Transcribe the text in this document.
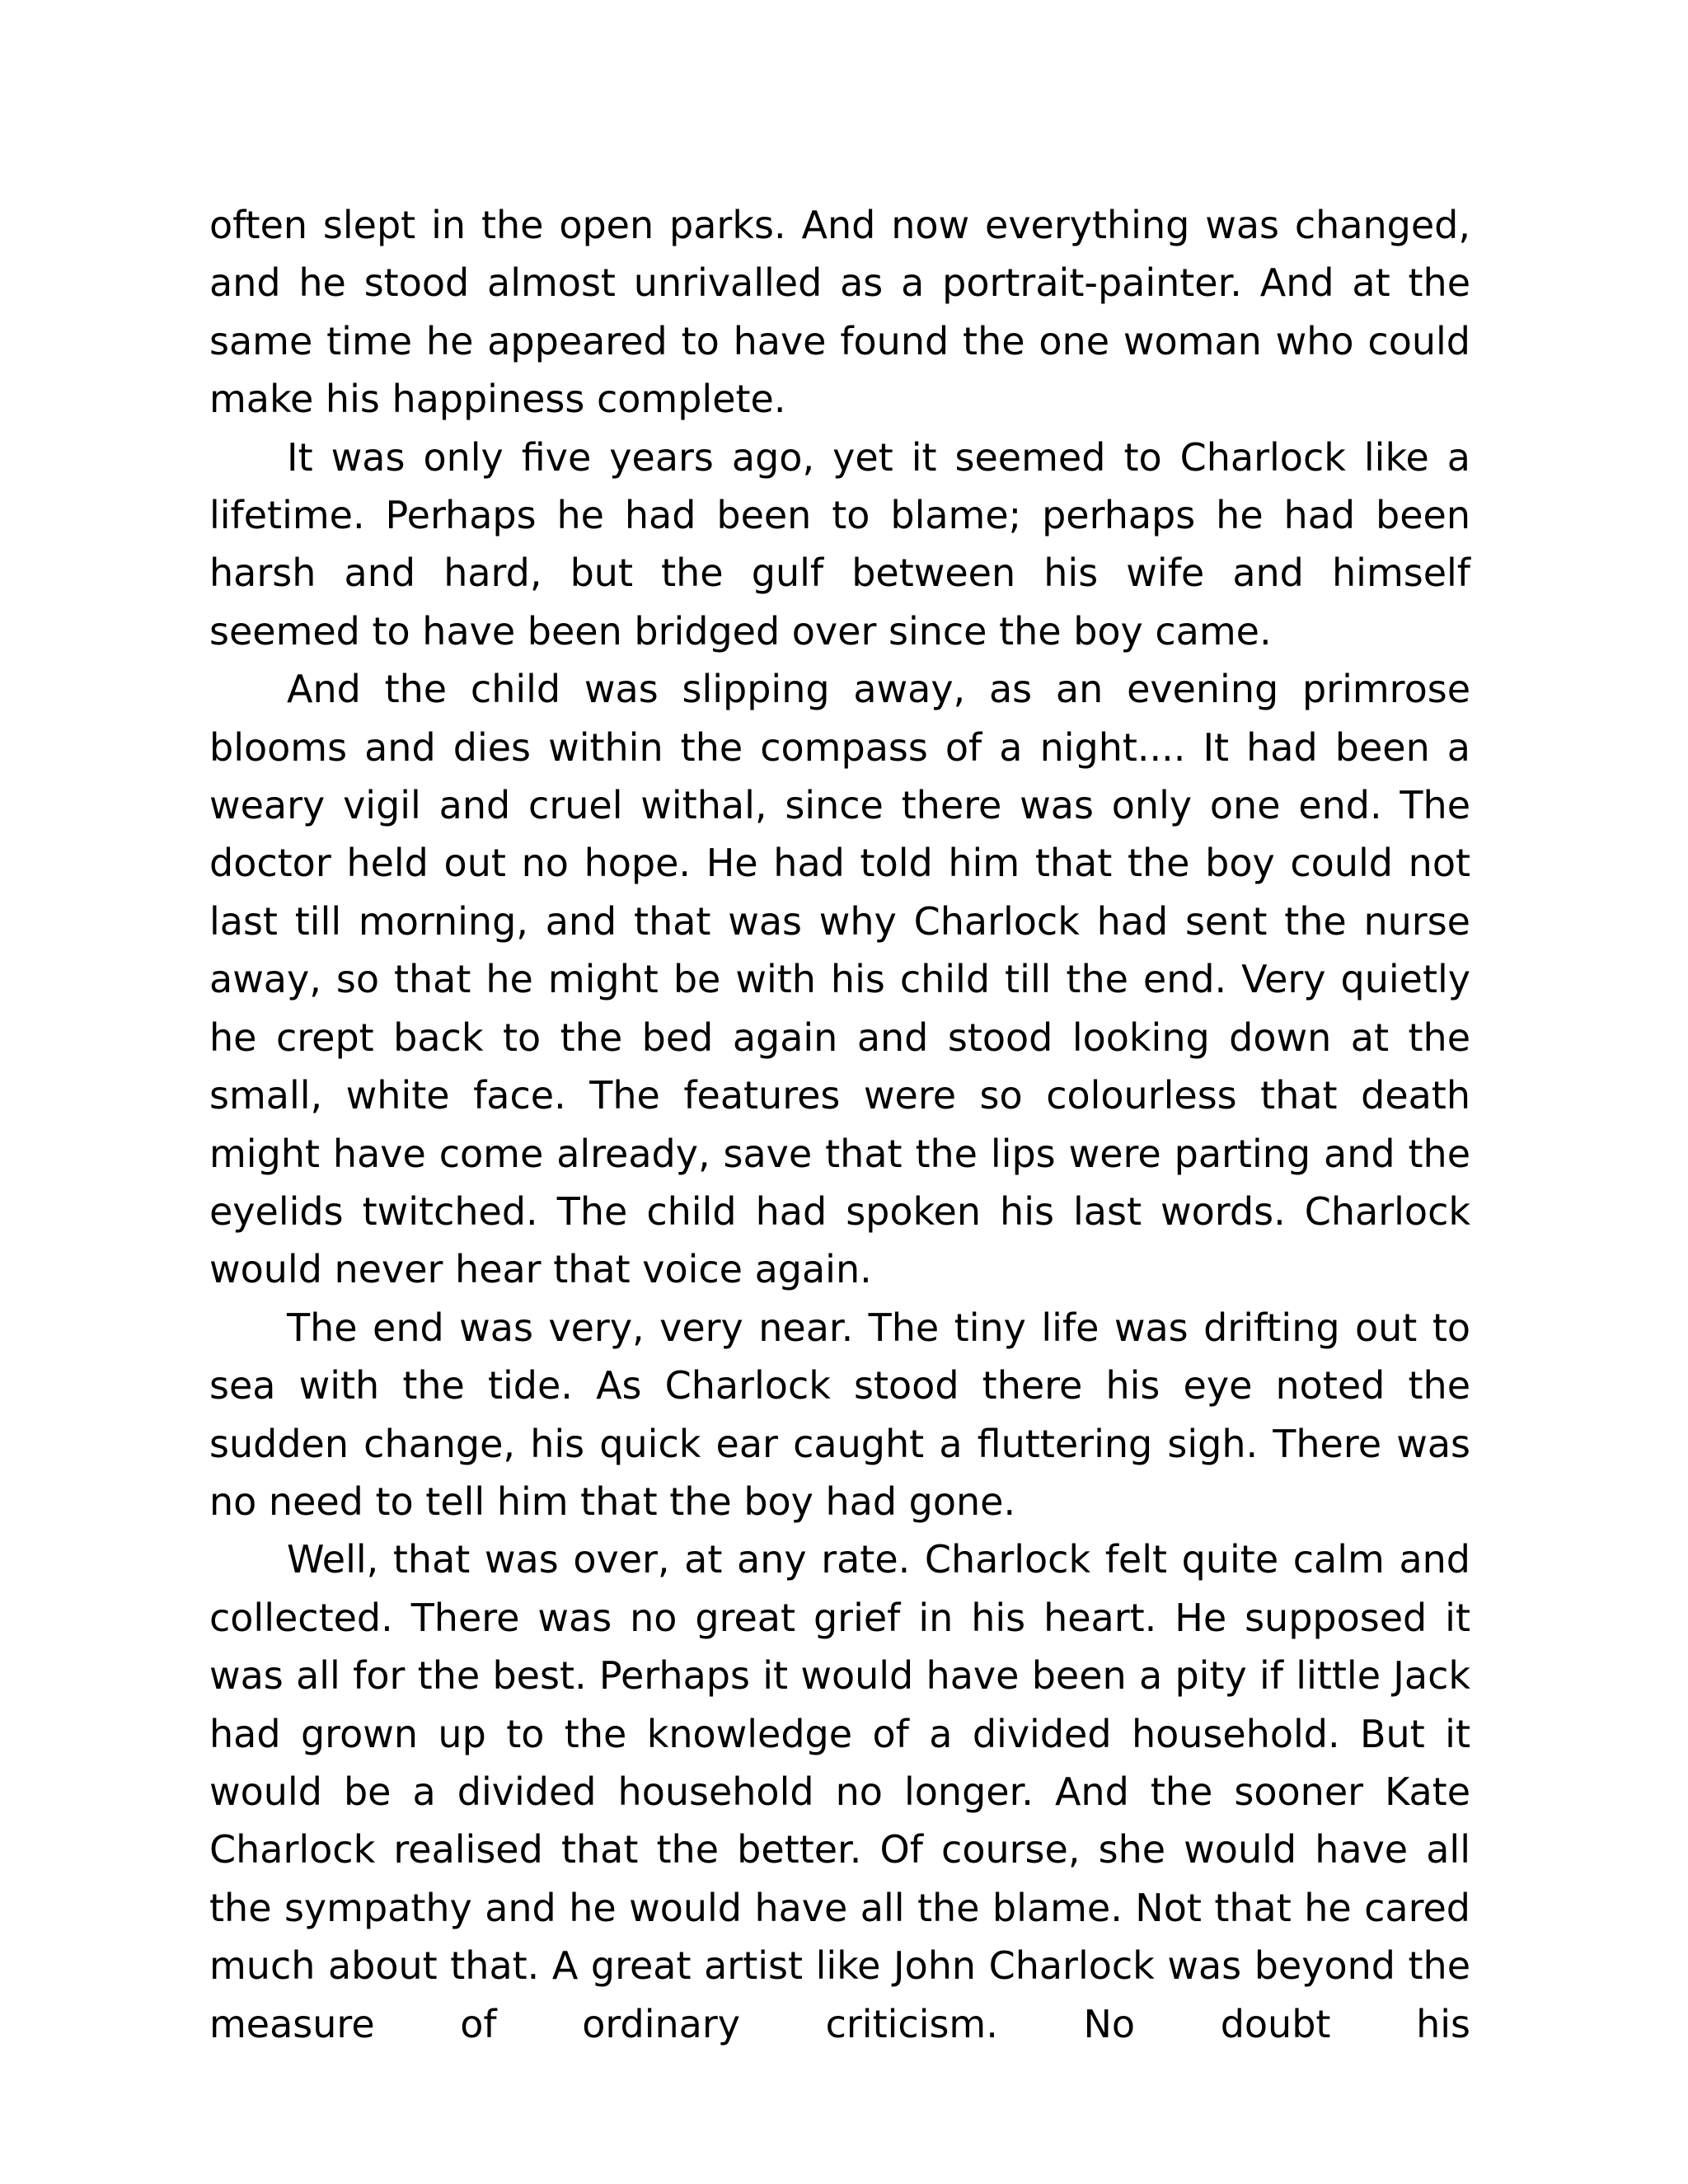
often slept in the open parks. And now everything was changed, and he stood almost unrivalled as a portrait-painter. And at the same time he appeared to have found the one woman who could make his happiness complete.

It was only five years ago, yet it seemed to Charlock like a lifetime. Perhaps he had been to blame; perhaps he had been harsh and hard, but the gulf between his wife and himself seemed to have been bridged over since the boy came.

And the child was slipping away, as an evening primrose blooms and dies within the compass of a night.... It had been a weary vigil and cruel withal, since there was only one end. The doctor held out no hope. He had told him that the boy could not last till morning, and that was why Charlock had sent the nurse away, so that he might be with his child till the end. Very quietly he crept back to the bed again and stood looking down at the small, white face. The features were so colourless that death might have come already, save that the lips were parting and the eyelids twitched. The child had spoken his last words. Charlock would never hear that voice again.

The end was very, very near. The tiny life was drifting out to sea with the tide. As Charlock stood there his eye noted the sudden change, his quick ear caught a fluttering sigh. There was no need to tell him that the boy had gone.

Well, that was over, at any rate. Charlock felt quite calm and collected. There was no great grief in his heart. He supposed it was all for the best. Perhaps it would have been a pity if little Jack had grown up to the knowledge of a divided household. But it would be a divided household no longer. And the sooner Kate Charlock realised that the better. Of course, she would have all the sympathy and he would have all the blame. Not that he cared much about that. A great artist like John Charlock was beyond the measure of ordinary criticism. No doubt his
